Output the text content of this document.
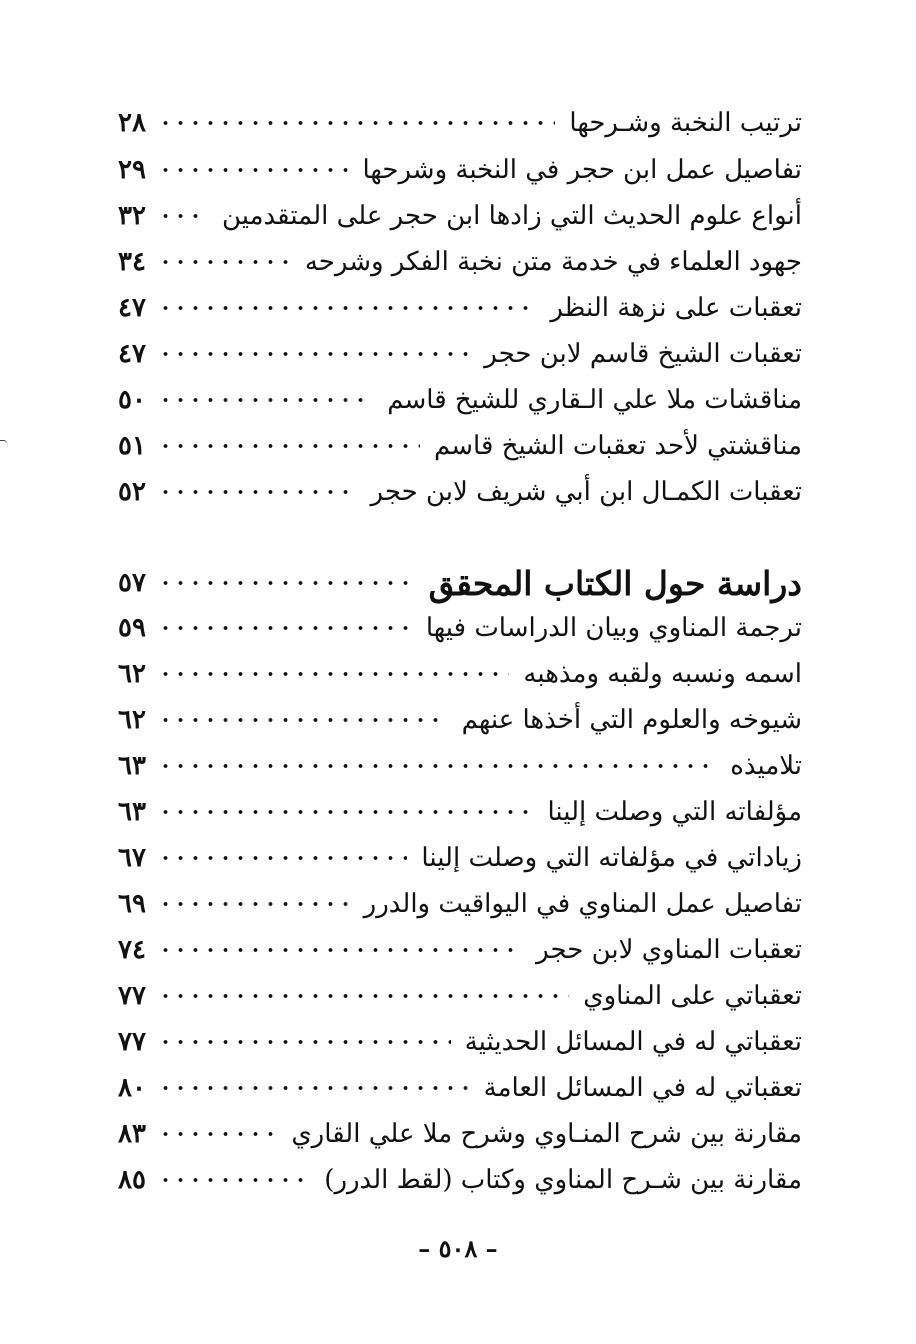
ترتيب النخبة وشـرحها
٢٨
تفاصيل عمل ابن حجر في النخبة وشرحها
٢٩
أنواع علوم الحديث التي زادها ابن حجر على المتقدمين
٣٢
جهود العلماء في خدمة متن نخبة الفكر وشرحه
٣٤
تعقبات على نزهة النظر
٤٧
تعقبات الشيخ قاسم لابن حجر
٤٧
مناقشات ملا علي الـقاري للشيخ قاسم
٥٠
مناقشتي لأحد تعقبات الشيخ قاسم
٥١
تعقبات الكمـال ابن أبي شريف لابن حجر
٥٢
دراسة حول الكتاب المحقق
٥٧
ترجمة المناوي وبيان الدراسات فيها
٥٩
اسمه ونسبه ولقبه ومذهبه
٦٢
شيوخه والعلوم التي أخذها عنهم
٦٢
تلاميذه
٦٣
مؤلفاته التي وصلت إلينا
٦٣
زياداتي في مؤلفاته التي وصلت إلينا
٦٧
تفاصيل عمل المناوي في اليواقيت والدرر
٦٩
تعقبات المناوي لابن حجر
٧٤
تعقباتي على المناوي
٧٧
تعقباتي له في المسائل الحديثية
٧٧
تعقباتي له في المسائل العامة
٨٠
مقارنة بين شرح المنـاوي وشرح ملا علي القاري
٨٣
مقارنة بين شـرح المناوي وكتاب (لقط الدرر)
٨٥
– ٥٠٨ –
